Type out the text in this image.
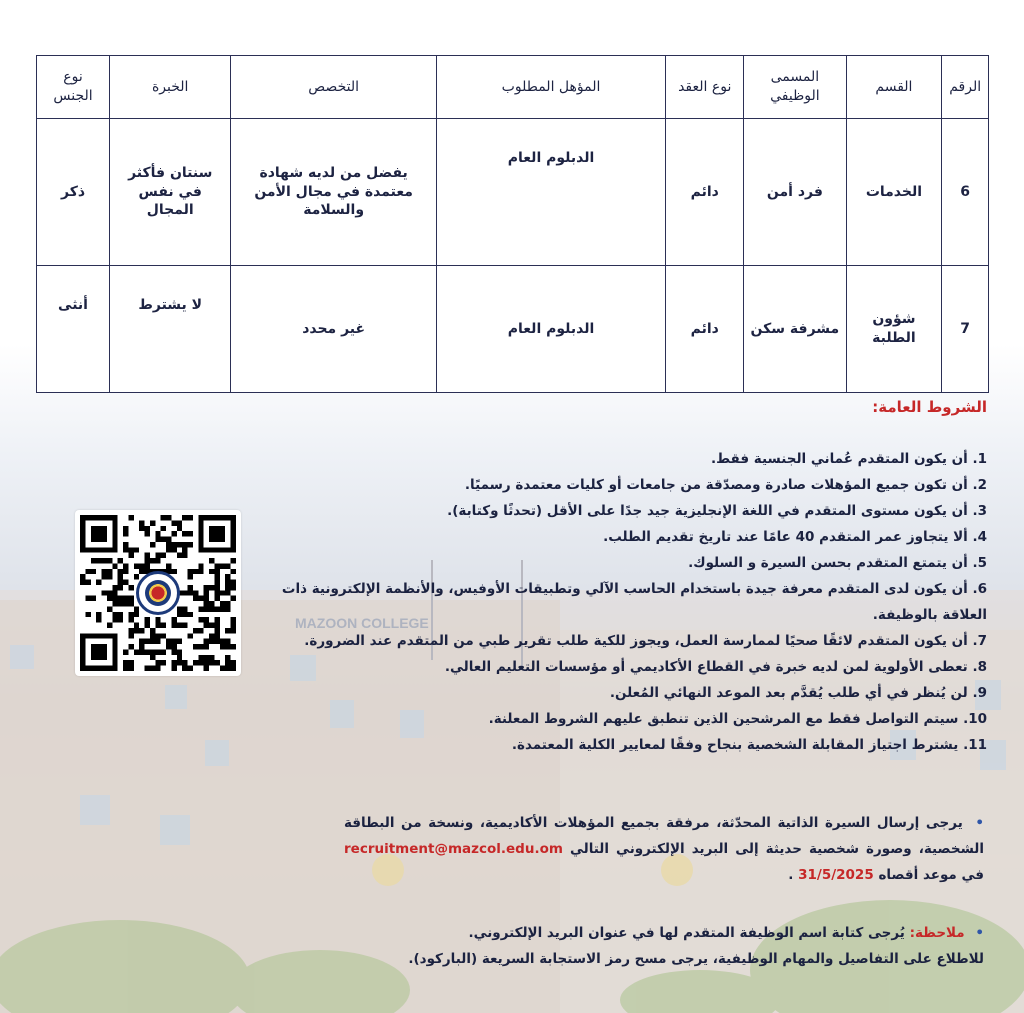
MAZOON COLLEGE
الرقم	القسم	المسمى الوظيفي	نوع العقد	المؤهل المطلوب	التخصص	الخبرة	نوع الجنس
6	الخدمات	فرد أمن	دائم	الدبلوم العام	يفضل من لديه شهادة معتمدة في مجال الأمن والسلامة	سنتان فأكثر في نفس المجال	ذكر
7	شؤون الطلبة	مشرفة سكن	دائم	الدبلوم العام	غير محدد	لا يشترط	أنثى
الشروط العامة:
1. أن يكون المتقدم عُماني الجنسية فقط.
2. أن تكون جميع المؤهلات صادرة ومصدّقة من جامعات أو كليات معتمدة رسميًا.
3. أن يكون مستوى المتقدم في اللغة الإنجليزية جيد جدًا على الأقل (تحدثًا وكتابة).
4. ألا يتجاوز عمر المتقدم 40 عامًا عند تاريخ تقديم الطلب.
5. أن يتمتع المتقدم بحسن السيرة و السلوك.
6. أن يكون لدى المتقدم معرفة جيدة باستخدام الحاسب الآلي وتطبيقات الأوفيس، والأنظمة الإلكترونية ذات العلاقة بالوظيفة.
7. أن يكون المتقدم لائقًا صحيًا لممارسة العمل، ويجوز للكية طلب تقرير طبي من المتقدم عند الضرورة.
8. تعطى الأولوية لمن لديه خبرة في القطاع الأكاديمي أو مؤسسات التعليم العالي.
9. لن يُنظر في أي طلب يُقدَّم بعد الموعد النهائي المُعلن.
10. سيتم التواصل فقط مع المرشحين الذين تنطبق عليهم الشروط المعلنة.
11. يشترط اجتياز المقابلة الشخصية بنجاح وفقًا لمعايير الكلية المعتمدة.
• يرجى إرسال السيرة الذاتية المحدّثة، مرفقة بجميع المؤهلات الأكاديمية، ونسخة من البطاقة الشخصية، وصورة شخصية حديثة إلى البريد الإلكتروني التالي recruitment@mazcol.edu.om في موعد أقصاه 31/5/2025 .
• ملاحظة: يُرجى كتابة اسم الوظيفة المتقدم لها في عنوان البريد الإلكتروني.
للاطلاع على التفاصيل والمهام الوظيفية، يرجى مسح رمز الاستجابة السريعة (الباركود).
